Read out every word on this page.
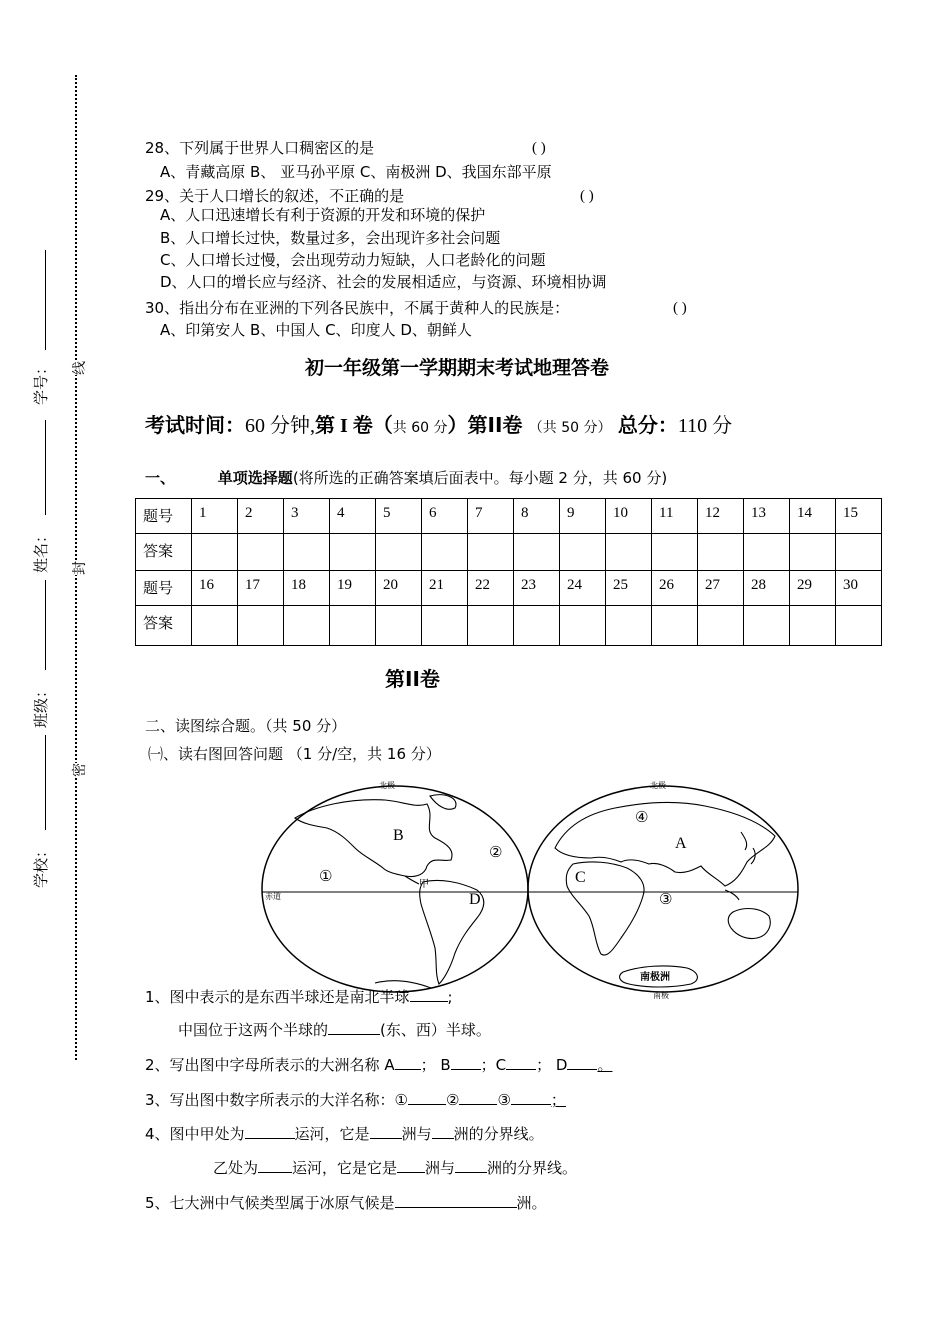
学号：
姓名：
班级：
学校：
线
封
密
28、下列属于世界人口稠密区的是	( )
A、青藏高原 B、 亚马孙平原 C、南极洲 D、我国东部平原
29、关于人口增长的叙述，不正确的是	( )
A、人口迅速增长有利于资源的开发和环境的保护
B、人口增长过快，数量过多，会出现许多社会问题
C、人口增长过慢，会出现劳动力短缺，人口老龄化的问题
D、人口的增长应与经济、社会的发展相适应，与资源、环境相协调
30、指出分布在亚洲的下列各民族中，不属于黄种人的民族是：	( )
A、印第安人 B、中国人 C、印度人 D、朝鲜人
初一年级第一学期期末考试地理答卷
考试时间：60 分钟,第 I 卷（共 60 分）第II卷 （共 50 分） 总分：110 分
一、	单项选择题(将所选的正确答案填后面表中。每小题 2 分，共 60 分)
题号	1	2	3	4	5	6	7	8	9	10	11	12	13	14	15
答案															
题号	16	17	18	19	20	21	22	23	24	25	26	27	28	29	30
答案															
第II卷
二、读图综合题。（共 50 分）
㈠、读右图回答问题 （1 分/空，共 16 分）
北极	北极
南极
赤道
南极洲
B
D
A
C
①
②
③
④
甲
1、图中表示的是东西半球还是南北半球	;
中国位于这两个半球的	(东、西）半球。
2、写出图中字母所表示的大洲名称 A ； B ；C ； D 。
3、写出图中数字所表示的大洋名称：①	②	③	；
4、图中甲处为	运河，它是 洲与 洲的分界线。
乙处为 运河，它是它是 洲与 洲的分界线。
5、七大洲中气候类型属于冰原气候是	洲。
